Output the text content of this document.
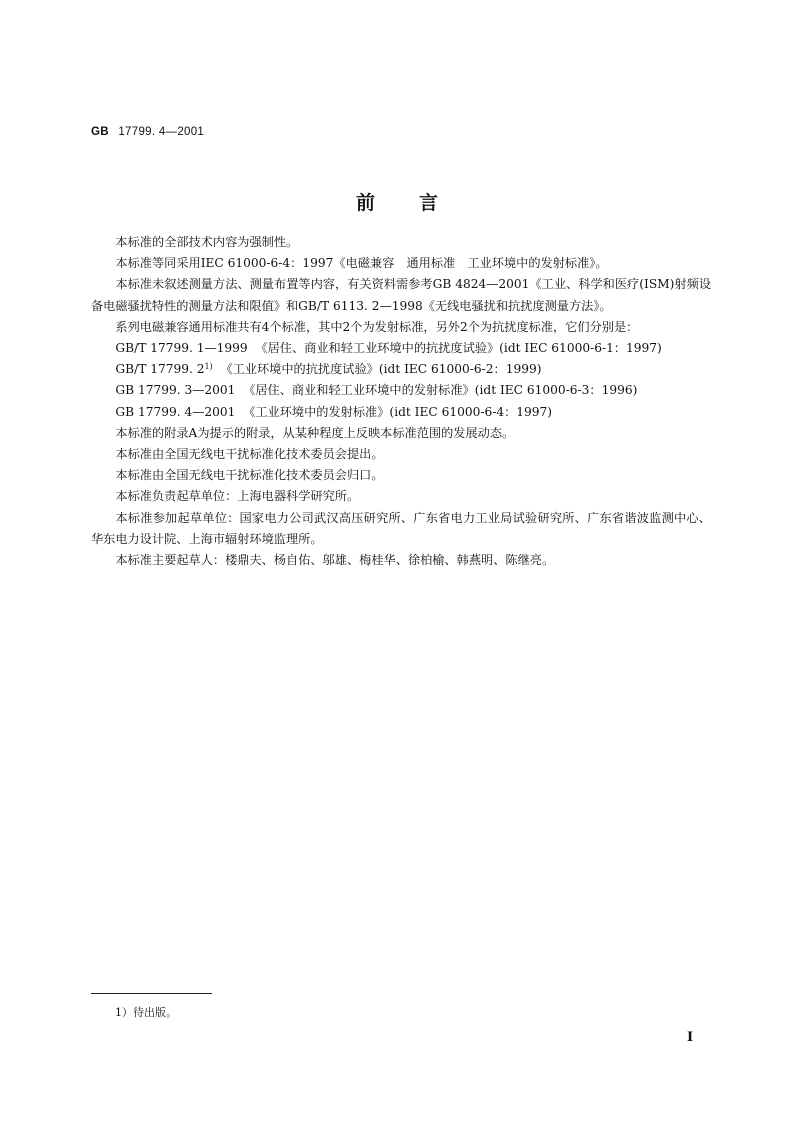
GB 17799. 4—2001
前言

本标准的全部技术内容为强制性。

本标准等同采用IEC 61000-6-4：1997《电磁兼容　通用标准　工业环境中的发射标准》。

本标准未叙述测量方法、测量布置等内容，有关资料需参考GB 4824—2001《工业、科学和医疗(ISM)射频设备电磁骚扰特性的测量方法和限值》和GB/T 6113. 2—1998《无线电骚扰和抗扰度测量方法》。

系列电磁兼容通用标准共有4个标准，其中2个为发射标准，另外2个为抗扰度标准，它们分别是：

GB/T 17799. 1—1999 《居住、商业和轻工业环境中的抗扰度试验》(idt IEC 61000-6-1：1997)

GB/T 17799. 2$^{1)}$ 《工业环境中的抗扰度试验》(idt IEC 61000-6-2：1999)

GB 17799. 3—2001 《居住、商业和轻工业环境中的发射标准》(idt IEC 61000-6-3：1996)

GB 17799. 4—2001 《工业环境中的发射标准》(idt IEC 61000-6-4：1997)

本标准的附录A为提示的附录，从某种程度上反映本标准范围的发展动态。

本标准由全国无线电干扰标准化技术委员会提出。

本标准由全国无线电干扰标准化技术委员会归口。

本标准负责起草单位：上海电器科学研究所。

本标准参加起草单位：国家电力公司武汉高压研究所、广东省电力工业局试验研究所、广东省谐波监测中心、华东电力设计院、上海市辐射环境监理所。

本标准主要起草人：楼鼎夫、杨自佑、邬雄、梅桂华、徐柏榆、韩燕明、陈继亮。

1）待出版。
Ⅰ
